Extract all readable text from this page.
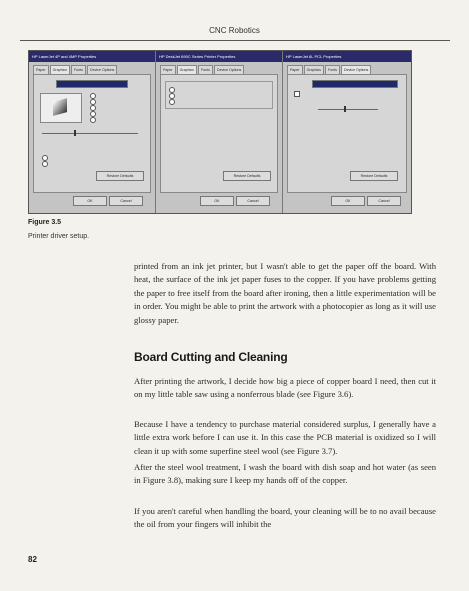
CNC Robotics
HP LaserJet 4P and 4MP Properties
Paper	Graphics	Fonts	Device Options
Restore Defaults
OK	Cancel
HP DeskJet 690C Series Printer Properties
Paper	Graphics	Fonts	Device Options
Restore Defaults
OK	Cancel
HP LaserJet 6L PCL Properties
Paper	Graphics	Fonts	Device Options
Restore Defaults
OK	Cancel
Figure 3.5
Printer driver setup.

printed from an ink jet printer, but I wasn't able to get the paper off the board. With heat, the surface of the ink jet paper fuses to the copper. If you have problems getting the paper to free itself from the board after ironing, then a little experimentation will be in order. You might be able to print the artwork with a photocopier as long as it will use glossy paper.

Board Cutting and Cleaning

After printing the artwork, I decide how big a piece of copper board I need, then cut it on my little table saw using a nonferrous blade (see Figure 3.6).

Because I have a tendency to purchase material considered surplus, I generally have a little extra work before I can use it. In this case the PCB material is oxidized so I will clean it up with some superfine steel wool (see Figure 3.7).

After the steel wool treatment, I wash the board with dish soap and hot water (as seen in Figure 3.8), making sure I keep my hands off of the copper.

If you aren't careful when handling the board, your cleaning will be to no avail because the oil from your fingers will inhibit the

82
